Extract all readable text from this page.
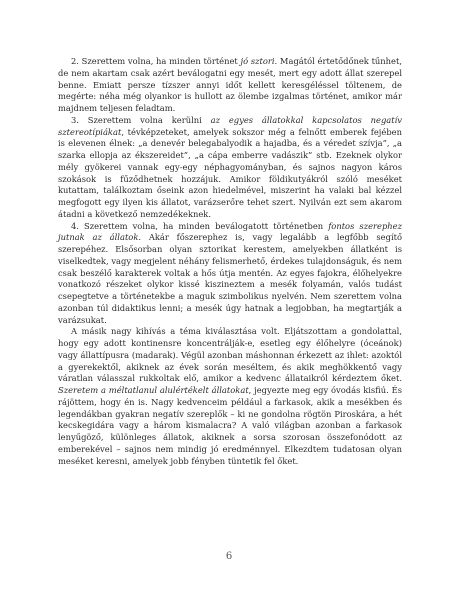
2. Szerettem volna, ha minden történet jó sztori. Magától értetődőnek tűnhet, de nem akartam csak azért beválogatni egy mesét, mert egy adott állat szerepel benne. Emiatt persze tízszer annyi időt kellett keresgéléssel töltenem, de megérte: néha még olyankor is hullott az ölembe izgalmas történet, amikor már majdnem teljesen feladtam.

3. Szerettem volna kerülni az egyes állatokkal kapcsolatos negatív sztereotípiákat, tévképzeteket, amelyek sokszor még a felnőtt emberek fejében is elevenen élnek: „a denevér belegabalyodik a hajadba, és a véredet szívja”, „a szarka ellopja az ékszereidet”, „a cápa emberre vadászik” stb. Ezeknek olykor mély gyökerei vannak egy-egy néphagyományban, és sajnos nagyon káros szokások is fűződhetnek hozzájuk. Amikor földikutyákról szóló meséket kutattam, találkoztam őseink azon hiedelmével, miszerint ha valaki bal kézzel megfogott egy ilyen kis állatot, varázserőre tehet szert. Nyilván ezt sem akarom átadni a következő nemzedékeknek.

4. Szerettem volna, ha minden beválogatott történetben fontos szerephez jutnak az állatok. Akár főszerephez is, vagy legalább a legfőbb segítő szerepéhez. Elsősorban olyan sztorikat kerestem, amelyekben állatként is viselkedtek, vagy megjelent néhány felismerhető, érdekes tulajdonságuk, és nem csak beszélő karakterek voltak a hős útja mentén. Az egyes fajokra, élőhelyekre vonatkozó részeket olykor kissé kiszineztem a mesék folyamán, valós tudást csepegtetve a történetekbe a maguk szimbolikus nyelvén. Nem szerettem volna azonban túl didaktikus lenni; a mesék úgy hatnak a legjobban, ha megtartják a varázsukat.

A másik nagy kihívás a téma kiválasztása volt. Eljátszottam a gondolattal, hogy egy adott kontinensre koncentrálják-e, esetleg egy élőhelyre (óceánok) vagy állattípusra (madarak). Végül azonban máshonnan érkezett az ihlet: azoktól a gyerekektől, akiknek az évek során meséltem, és akik meghökkentő vagy váratlan válasszal rukkoltak elő, amikor a kedvenc állataikról kérdeztem őket. Szeretem a méltatlanul alulértékelt állatokat, jegyezte meg egy óvodás kisfiú. És rájöttem, hogy én is. Nagy kedvenceim például a farkasok, akik a mesékben és legendákban gyakran negatív szereplők – ki ne gondolna rögtön Piroskára, a hét kecskegidára vagy a három kismalacra? A való világban azonban a farkasok lenyűgöző, különleges állatok, akiknek a sorsa szorosan összefonódott az emberekével – sajnos nem mindig jó eredménnyel. Elkezdtem tudatosan olyan meséket keresni, amelyek jobb fényben tüntetik fel őket.

6
